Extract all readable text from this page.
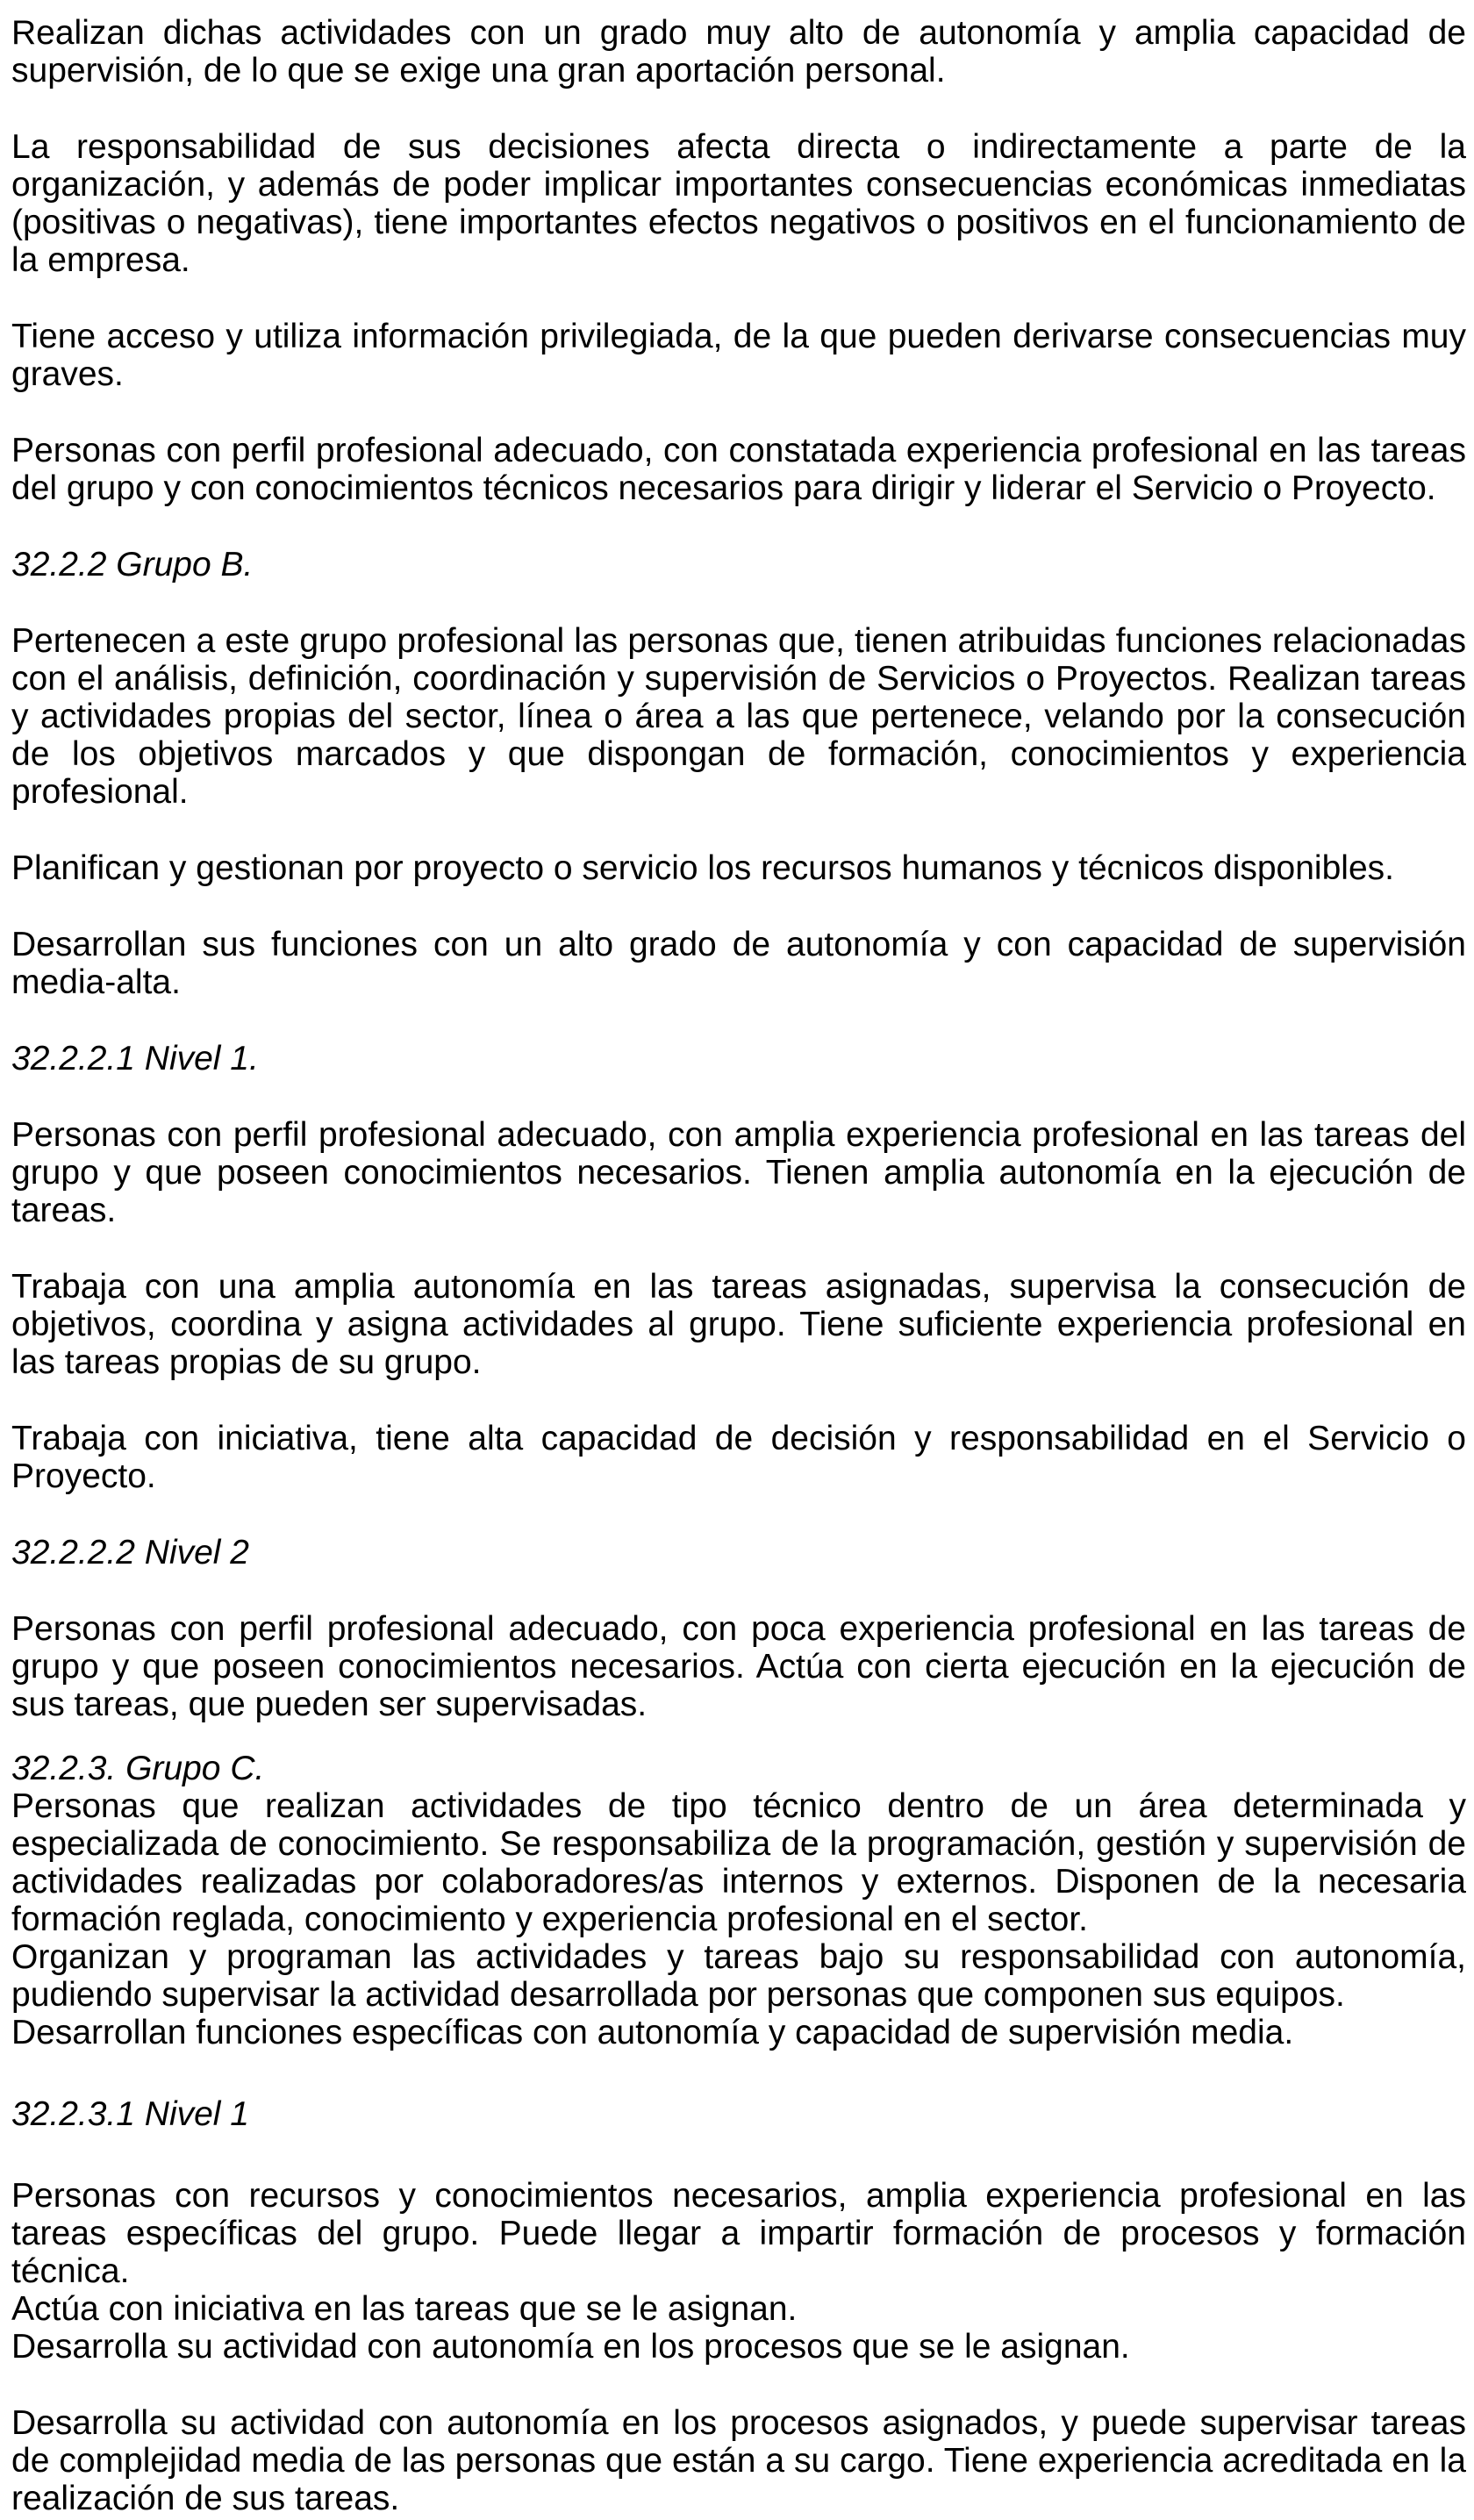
Realizan dichas actividades con un grado muy alto de autonomía y amplia capacidad de supervisión, de lo que se exige una gran aportación personal.

La responsabilidad de sus decisiones afecta directa o indirectamente a parte de la organización, y además de poder implicar importantes consecuencias económicas inmediatas (positivas o negativas), tiene importantes efectos negativos o positivos en el funcionamiento de la empresa.

Tiene acceso y utiliza información privilegiada, de la que pueden derivarse consecuencias muy graves.

Personas con perfil profesional adecuado, con constatada experiencia profesional en las tareas del grupo y con conocimientos técnicos necesarios para dirigir y liderar el Servicio o Proyecto.

32.2.2 Grupo B.

Pertenecen a este grupo profesional las personas que, tienen atribuidas funciones relacionadas con el análisis, definición, coordinación y supervisión de Servicios o Proyectos. Realizan tareas y actividades propias del sector, línea o área a las que pertenece, velando por la consecución de los objetivos marcados y que dispongan de formación, conocimientos y experiencia profesional.

Planifican y gestionan por proyecto o servicio los recursos humanos y técnicos disponibles.

Desarrollan sus funciones con un alto grado de autonomía y con capacidad de supervisión media-alta.

32.2.2.1 Nivel 1.

Personas con perfil profesional adecuado, con amplia experiencia profesional en las tareas del grupo y que poseen conocimientos necesarios. Tienen amplia autonomía en la ejecución de tareas.

Trabaja con una amplia autonomía en las tareas asignadas, supervisa la consecución de objetivos, coordina y asigna actividades al grupo. Tiene suficiente experiencia profesional en las tareas propias de su grupo.

Trabaja con iniciativa, tiene alta capacidad de decisión y responsabilidad en el Servicio o Proyecto.

32.2.2.2 Nivel 2

Personas con perfil profesional adecuado, con poca experiencia profesional en las tareas de grupo y que poseen conocimientos necesarios. Actúa con cierta ejecución en la ejecución de sus tareas, que pueden ser supervisadas.

32.2.3. Grupo C.

Personas que realizan actividades de tipo técnico dentro de un área determinada y especializada de conocimiento. Se responsabiliza de la programación, gestión y supervisión de actividades realizadas por colaboradores/as internos y externos. Disponen de la necesaria formación reglada, conocimiento y experiencia profesional en el sector.

Organizan y programan las actividades y tareas bajo su responsabilidad con autonomía, pudiendo supervisar la actividad desarrollada por personas que componen sus equipos.

Desarrollan funciones específicas con autonomía y capacidad de supervisión media.

32.2.3.1 Nivel 1

Personas con recursos y conocimientos necesarios, amplia experiencia profesional en las tareas específicas del grupo. Puede llegar a impartir formación de procesos y formación técnica.

Actúa con iniciativa en las tareas que se le asignan.

Desarrolla su actividad con autonomía en los procesos que se le asignan.

Desarrolla su actividad con autonomía en los procesos asignados, y puede supervisar tareas de complejidad media de las personas que están a su cargo. Tiene experiencia acreditada en la realización de sus tareas.
